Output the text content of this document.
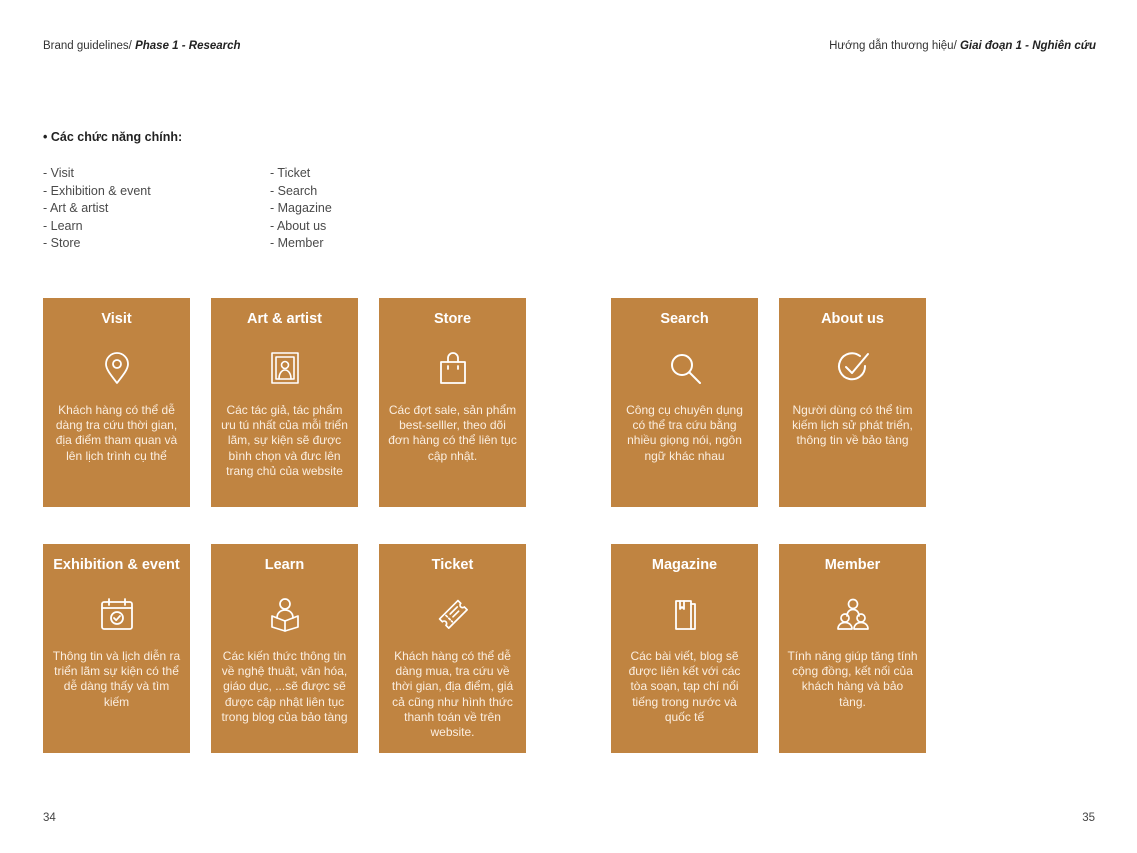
Brand guidelines/ Phase 1 - Research	Hướng dẫn thương hiệu/ Giai đoạn 1 - Nghiên cứu
• Các chức năng chính:
- Visit
- Exhibition & event
- Art & artist
- Learn
- Store
- Ticket
- Search
- Magazine
- About us
- Member
Visit
Khách hàng có thể dễ dàng tra cứu thời gian, địa điểm tham quan và lên lịch trình cụ thể
Art & artist
Các tác giả, tác phẩm ưu tú nhất của mỗi triển lãm, sự kiện sẽ được bình chọn và đưc lên trang chủ của website
Store
Các đợt sale, sản phẩm best-selller, theo dõi đơn hàng có thể liên tục cập nhật.
Search
Công cụ chuyên dụng có thể tra cứu bằng nhiều giọng nói, ngôn ngữ khác nhau
About us
Người dùng có thể tìm kiếm lịch sử phát triển, thông tin về bảo tàng
Exhibition & event
Thông tin và lịch diễn ra triển lãm sự kiện có thể dễ dàng thấy và tìm kiếm
Learn
Các kiến thức thông tin về nghệ thuật, văn hóa, giáo dục, ...sẽ được sẽ được cập nhật liên tục trong blog của bảo tàng
Ticket
Khách hàng có thể dễ dàng mua, tra cứu về thời gian, địa điểm, giá cả cũng như hình thức thanh toán về trên website.
Magazine
Các bài viết, blog sẽ được liên kết với các tòa soạn, tạp chí nổi tiếng trong nước và quốc tế
Member
Tính năng giúp tăng tính cộng đồng, kết nối của khách hàng và bảo tàng.
34	35
